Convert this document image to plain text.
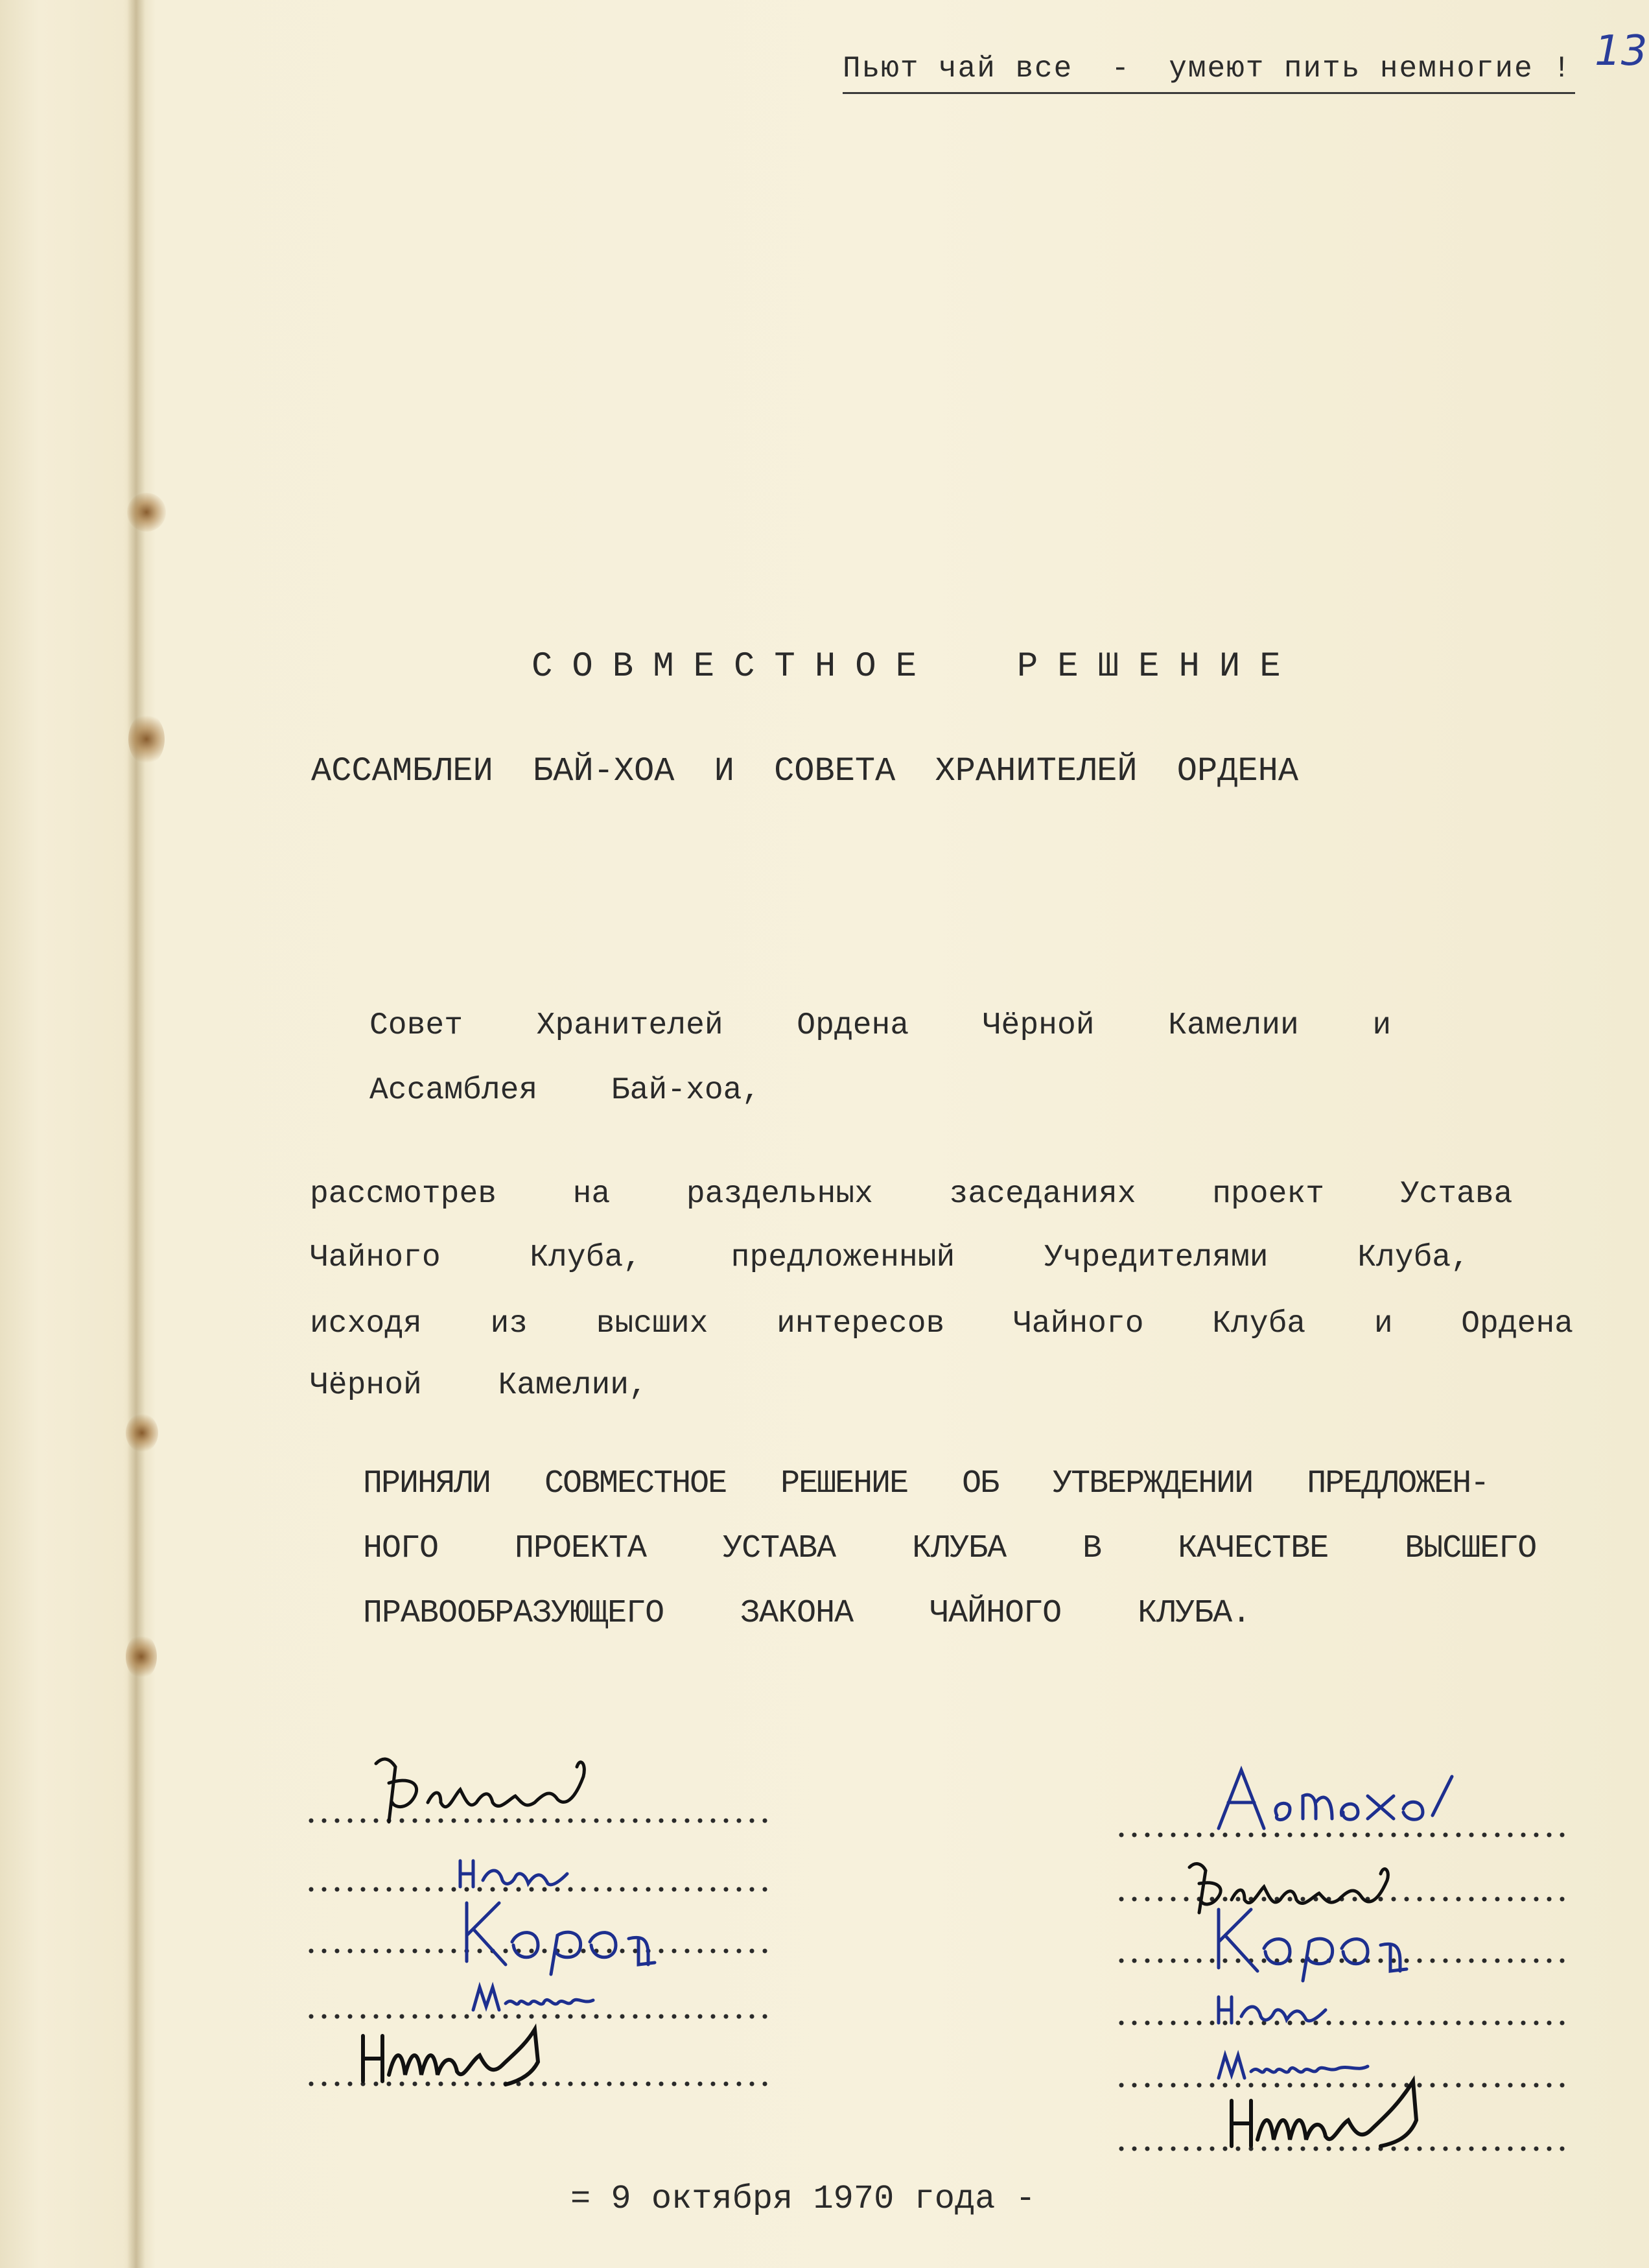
Пьют чай все  -  умеют пить немногие ! 13
СОВМЕСТНОЕ  РЕШЕНИЕ
АССАМБЛЕИ БАЙ-ХОА И СОВЕТА ХРАНИТЕЛЕЙ ОРДЕНА
Совет  Хранителей  Ордена  Чёрной  Камелии  и
Ассамблея  Бай-хоа,
рассмотрев  на  раздельных  заседаниях  проект  Устава
Чайного  Клуба,  предложенный  Учредителями  Клуба,
исходя  из  высших  интересов  Чайного  Клуба  и  Ордена
Чёрной  Камелии,
ПРИНЯЛИ  СОВМЕСТНОЕ  РЕШЕНИЕ  ОБ  УТВЕРЖДЕНИИ  ПРЕДЛОЖЕН-
НОГО  ПРОЕКТА  УСТАВА  КЛУБА  В  КАЧЕСТВЕ  ВЫСШЕГО
ПРАВООБРАЗУЮЩЕГО  ЗАКОНА  ЧАЙНОГО  КЛУБА.
= 9 октября 1970 года -
